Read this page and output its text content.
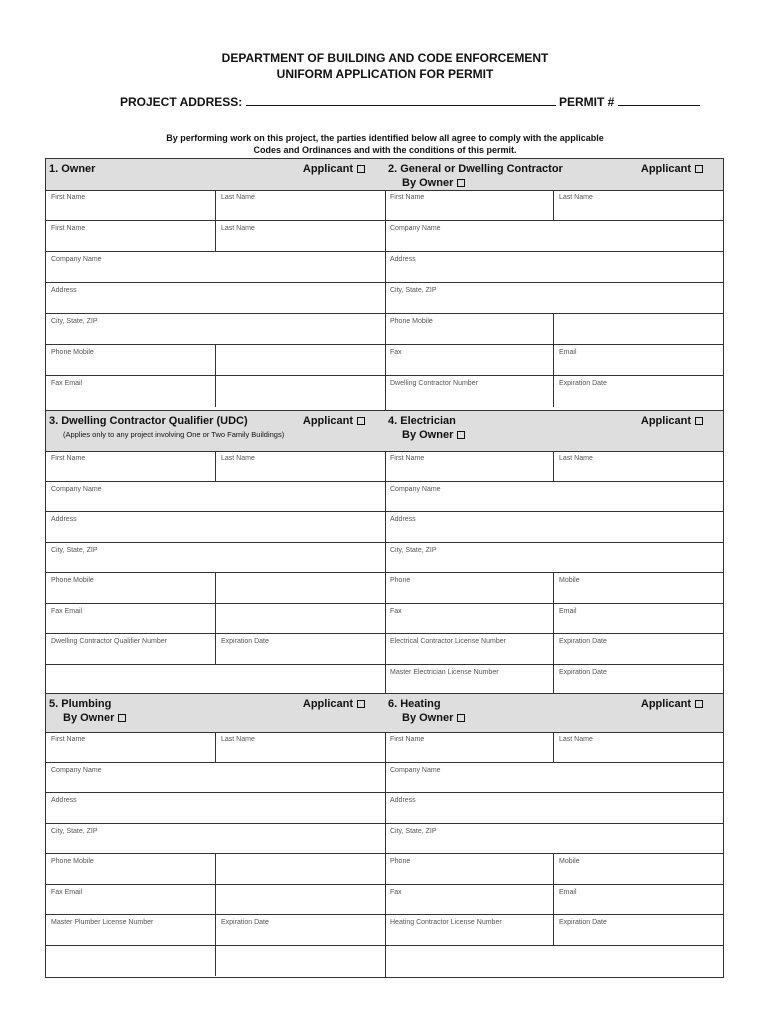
DEPARTMENT OF BUILDING AND CODE ENFORCEMENT
UNIFORM APPLICATION FOR PERMIT
PROJECT ADDRESS:	PERMIT #
By performing work on this project, the parties identified below all agree to comply with the applicable
Codes and Ordinances and with the conditions of this permit.
1. Owner	Applicant
First Name	Last Name
First Name	Last Name
Company Name
Address
City, State, ZIP
Phone Mobile
Fax Email
2. General or Dwelling Contractor
By Owner
Applicant
First Name	Last Name
Company Name
Address
City, State, ZIP
Phone Mobile
Fax	Email
Dwelling Contractor Number	Expiration Date
3. Dwelling Contractor Qualifier (UDC)
(Applies only to any project involving One or Two Family Buildings)
Applicant
First Name	Last Name
Company Name
Address
City, State, ZIP
Phone Mobile
Fax Email
Dwelling Contractor Qualifier Number	Expiration Date
4. Electrician
By Owner
Applicant
First Name	Last Name
Company Name
Address
City, State, ZIP
Phone	Mobile
Fax	Email
Electrical Contractor License Number	Expiration Date
Master Electrician License Number	Expiration Date
5. Plumbing
By Owner
Applicant
First Name	Last Name
Company Name
Address
City, State, ZIP
Phone Mobile
Fax Email
Master Plumber License Number	Expiration Date
6. Heating
By Owner
Applicant
First Name	Last Name
Company Name
Address
City, State, ZIP
Phone	Mobile
Fax	Email
Heating Contractor License Number	Expiration Date
